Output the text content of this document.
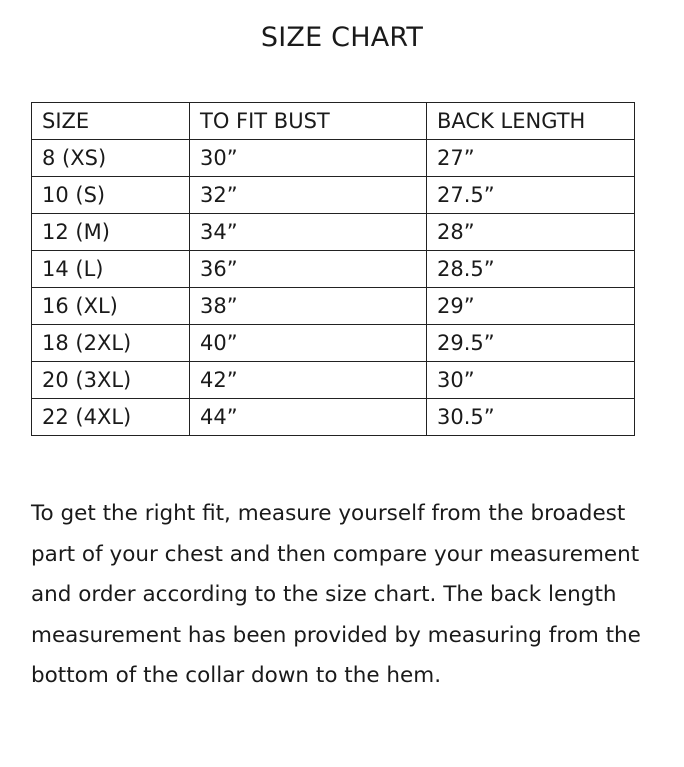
SIZE CHART
SIZE	TO FIT BUST	BACK LENGTH
8 (XS)	30”	27”
10 (S)	32”	27.5”
12 (M)	34”	28”
14 (L)	36”	28.5”
16 (XL)	38”	29”
18 (2XL)	40”	29.5”
20 (3XL)	42”	30”
22 (4XL)	44”	30.5”

To get the right fit, measure yourself from the broadest part of your chest and then compare your measurement and order according to the size chart. The back length measurement has been provided by measuring from the bottom of the collar down to the hem.
